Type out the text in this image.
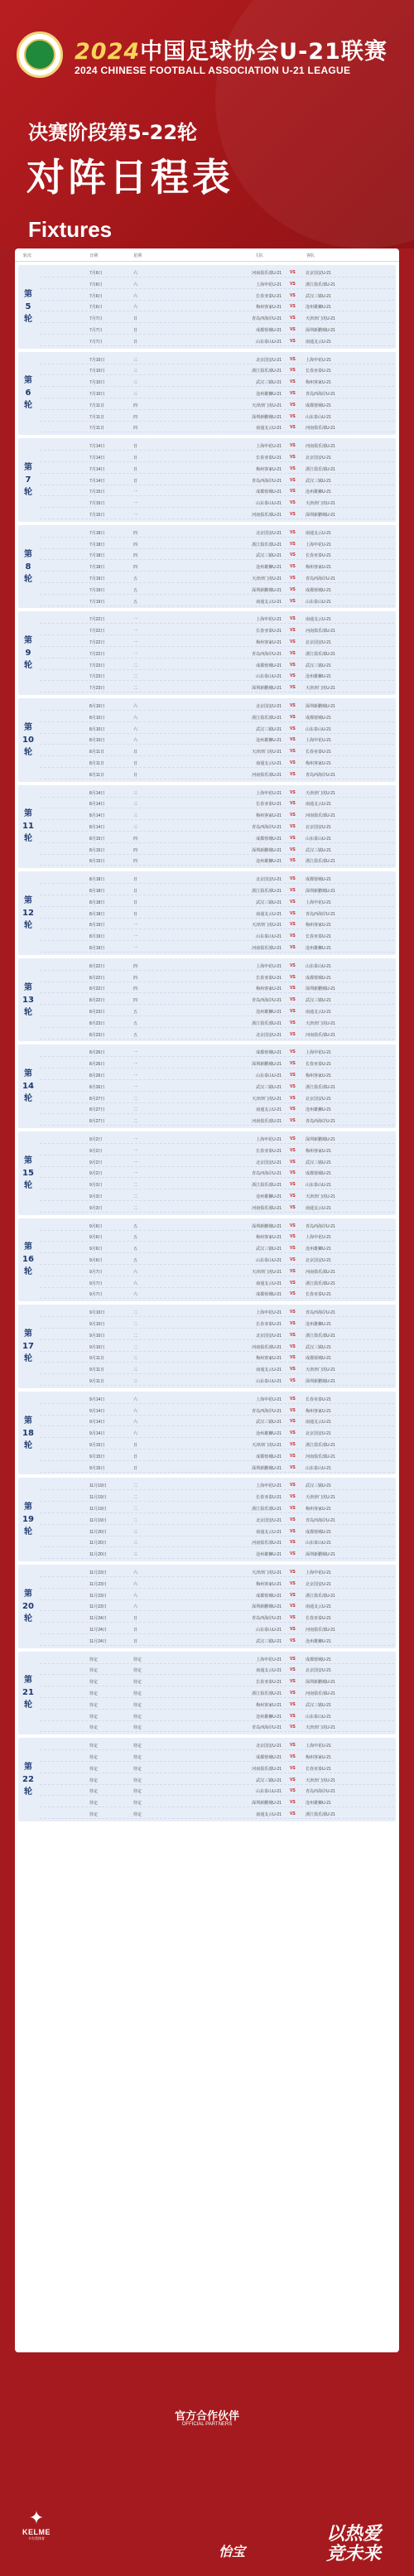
2024中国足球协会U-21联赛
2024 CHINESE FOOTBALL ASSOCIATION U-21 LEAGUE
决赛阶段第5-22轮
对阵日程表
Fixtures
轮次	日期	星期	主队	客队
第
5
轮
7月6日	六	河南俱乐部U-21 VS 北京国安U-21
7月6日	六	上海申花U-21 VS 浙江俱乐部U-21
7月6日	六	长春亚泰U-21 VS 武汉三镇U-21
7月6日	六	梅州客家U-21 VS 沧州雄狮U-21
7月7日	日	青岛西海岸U-21 VS 天津津门虎U-21
7月7日	日	成都蓉城U-21 VS 深圳新鹏城U-21
7月7日	日	山东泰山U-21 VS 南通支云U-21
第
6
轮
7月10日	三	北京国安U-21 VS 上海申花U-21
7月10日	三	浙江俱乐部U-21 VS 长春亚泰U-21
7月10日	三	武汉三镇U-21 VS 梅州客家U-21
7月10日	三	沧州雄狮U-21 VS 青岛西海岸U-21
7月11日	四	天津津门虎U-21 VS 成都蓉城U-21
7月11日	四	深圳新鹏城U-21 VS 山东泰山U-21
7月11日	四	南通支云U-21 VS 河南俱乐部U-21
第
7
轮
7月14日	日	上海申花U-21 VS 河南俱乐部U-21
7月14日	日	长春亚泰U-21 VS 北京国安U-21
7月14日	日	梅州客家U-21 VS 浙江俱乐部U-21
7月14日	日	青岛西海岸U-21 VS 武汉三镇U-21
7月15日	一	成都蓉城U-21 VS 沧州雄狮U-21
7月15日	一	山东泰山U-21 VS 天津津门虎U-21
7月15日	一	河南俱乐部U-21 VS 深圳新鹏城U-21
第
8
轮
7月18日	四	北京国安U-21 VS 南通支云U-21
7月18日	四	浙江俱乐部U-21 VS 上海申花U-21
7月18日	四	武汉三镇U-21 VS 长春亚泰U-21
7月18日	四	沧州雄狮U-21 VS 梅州客家U-21
7月19日	五	天津津门虎U-21 VS 青岛西海岸U-21
7月19日	五	深圳新鹏城U-21 VS 成都蓉城U-21
7月19日	五	南通支云U-21 VS 山东泰山U-21
第
9
轮
7月22日	一	上海申花U-21 VS 南通支云U-21
7月22日	一	长春亚泰U-21 VS 河南俱乐部U-21
7月22日	一	梅州客家U-21 VS 北京国安U-21
7月22日	一	青岛西海岸U-21 VS 浙江俱乐部U-21
7月23日	二	成都蓉城U-21 VS 武汉三镇U-21
7月23日	二	山东泰山U-21 VS 沧州雄狮U-21
7月23日	二	深圳新鹏城U-21 VS 天津津门虎U-21
第
10
轮
8月10日	六	北京国安U-21 VS 深圳新鹏城U-21
8月10日	六	浙江俱乐部U-21 VS 成都蓉城U-21
8月10日	六	武汉三镇U-21 VS 山东泰山U-21
8月10日	六	沧州雄狮U-21 VS 上海申花U-21
8月11日	日	天津津门虎U-21 VS 长春亚泰U-21
8月11日	日	南通支云U-21 VS 梅州客家U-21
8月11日	日	河南俱乐部U-21 VS 青岛西海岸U-21
第
11
轮
8月14日	三	上海申花U-21 VS 天津津门虎U-21
8月14日	三	长春亚泰U-21 VS 南通支云U-21
8月14日	三	梅州客家U-21 VS 河南俱乐部U-21
8月14日	三	青岛西海岸U-21 VS 北京国安U-21
8月15日	四	成都蓉城U-21 VS 山东泰山U-21
8月15日	四	深圳新鹏城U-21 VS 武汉三镇U-21
8月15日	四	沧州雄狮U-21 VS 浙江俱乐部U-21
第
12
轮
8月18日	日	北京国安U-21 VS 成都蓉城U-21
8月18日	日	浙江俱乐部U-21 VS 深圳新鹏城U-21
8月18日	日	武汉三镇U-21 VS 上海申花U-21
8月18日	日	南通支云U-21 VS 青岛西海岸U-21
8月19日	一	天津津门虎U-21 VS 梅州客家U-21
8月19日	一	山东泰山U-21 VS 长春亚泰U-21
8月19日	一	河南俱乐部U-21 VS 沧州雄狮U-21
第
13
轮
8月22日	四	上海申花U-21 VS 山东泰山U-21
8月22日	四	长春亚泰U-21 VS 成都蓉城U-21
8月22日	四	梅州客家U-21 VS 深圳新鹏城U-21
8月22日	四	青岛西海岸U-21 VS 武汉三镇U-21
8月23日	五	沧州雄狮U-21 VS 南通支云U-21
8月23日	五	浙江俱乐部U-21 VS 天津津门虎U-21
8月23日	五	北京国安U-21 VS 河南俱乐部U-21
第
14
轮
8月26日	一	成都蓉城U-21 VS 上海申花U-21
8月26日	一	深圳新鹏城U-21 VS 长春亚泰U-21
8月26日	一	山东泰山U-21 VS 梅州客家U-21
8月26日	一	武汉三镇U-21 VS 浙江俱乐部U-21
8月27日	二	天津津门虎U-21 VS 北京国安U-21
8月27日	二	南通支云U-21 VS 沧州雄狮U-21
8月27日	二	河南俱乐部U-21 VS 青岛西海岸U-21
第
15
轮
9月2日	一	上海申花U-21 VS 深圳新鹏城U-21
9月2日	一	长春亚泰U-21 VS 梅州客家U-21
9月2日	一	北京国安U-21 VS 武汉三镇U-21
9月2日	一	青岛西海岸U-21 VS 成都蓉城U-21
9月3日	二	浙江俱乐部U-21 VS 山东泰山U-21
9月3日	二	沧州雄狮U-21 VS 天津津门虎U-21
9月3日	二	河南俱乐部U-21 VS 南通支云U-21
第
16
轮
9月6日	五	深圳新鹏城U-21 VS 青岛西海岸U-21
9月6日	五	梅州客家U-21 VS 上海申花U-21
9月6日	五	武汉三镇U-21 VS 沧州雄狮U-21
9月6日	五	山东泰山U-21 VS 北京国安U-21
9月7日	六	天津津门虎U-21 VS 河南俱乐部U-21
9月7日	六	南通支云U-21 VS 浙江俱乐部U-21
9月7日	六	成都蓉城U-21 VS 长春亚泰U-21
第
17
轮
9月10日	二	上海申花U-21 VS 青岛西海岸U-21
9月10日	二	长春亚泰U-21 VS 沧州雄狮U-21
9月10日	二	北京国安U-21 VS 浙江俱乐部U-21
9月10日	二	河南俱乐部U-21 VS 武汉三镇U-21
9月11日	三	梅州客家U-21 VS 成都蓉城U-21
9月11日	三	南通支云U-21 VS 天津津门虎U-21
9月11日	三	山东泰山U-21 VS 深圳新鹏城U-21
第
18
轮
9月14日	六	上海申花U-21 VS 长春亚泰U-21
9月14日	六	青岛西海岸U-21 VS 梅州客家U-21
9月14日	六	武汉三镇U-21 VS 南通支云U-21
9月14日	六	沧州雄狮U-21 VS 北京国安U-21
9月15日	日	天津津门虎U-21 VS 浙江俱乐部U-21
9月15日	日	成都蓉城U-21 VS 河南俱乐部U-21
9月15日	日	深圳新鹏城U-21 VS 山东泰山U-21
第
19
轮
11月19日	二	上海申花U-21 VS 武汉三镇U-21
11月19日	二	长春亚泰U-21 VS 天津津门虎U-21
11月19日	二	浙江俱乐部U-21 VS 梅州客家U-21
11月19日	二	北京国安U-21 VS 青岛西海岸U-21
11月20日	三	南通支云U-21 VS 成都蓉城U-21
11月20日	三	河南俱乐部U-21 VS 山东泰山U-21
11月20日	三	沧州雄狮U-21 VS 深圳新鹏城U-21
第
20
轮
11月23日	六	天津津门虎U-21 VS 上海申花U-21
11月23日	六	梅州客家U-21 VS 北京国安U-21
11月23日	六	成都蓉城U-21 VS 浙江俱乐部U-21
11月23日	六	深圳新鹏城U-21 VS 南通支云U-21
11月24日	日	青岛西海岸U-21 VS 长春亚泰U-21
11月24日	日	山东泰山U-21 VS 河南俱乐部U-21
11月24日	日	武汉三镇U-21 VS 沧州雄狮U-21
第
21
轮
待定	待定	上海申花U-21 VS 成都蓉城U-21
待定	待定	南通支云U-21 VS 北京国安U-21
待定	待定	长春亚泰U-21 VS 深圳新鹏城U-21
待定	待定	浙江俱乐部U-21 VS 河南俱乐部U-21
待定	待定	梅州客家U-21 VS 武汉三镇U-21
待定	待定	沧州雄狮U-21 VS 山东泰山U-21
待定	待定	青岛西海岸U-21 VS 天津津门虎U-21
第
22
轮
待定	待定	北京国安U-21 VS 上海申花U-21
待定	待定	成都蓉城U-21 VS 梅州客家U-21
待定	待定	河南俱乐部U-21 VS 长春亚泰U-21
待定	待定	武汉三镇U-21 VS 天津津门虎U-21
待定	待定	山东泰山U-21 VS 青岛西海岸U-21
待定	待定	深圳新鹏城U-21 VS 沧州雄狮U-21
待定	待定	南通支云U-21 VS 浙江俱乐部U-21
官方合作伙伴
OFFICIAL PARTNERS
✦
KELME
卡尔美体育
怡宝
以热爱
竞未来
